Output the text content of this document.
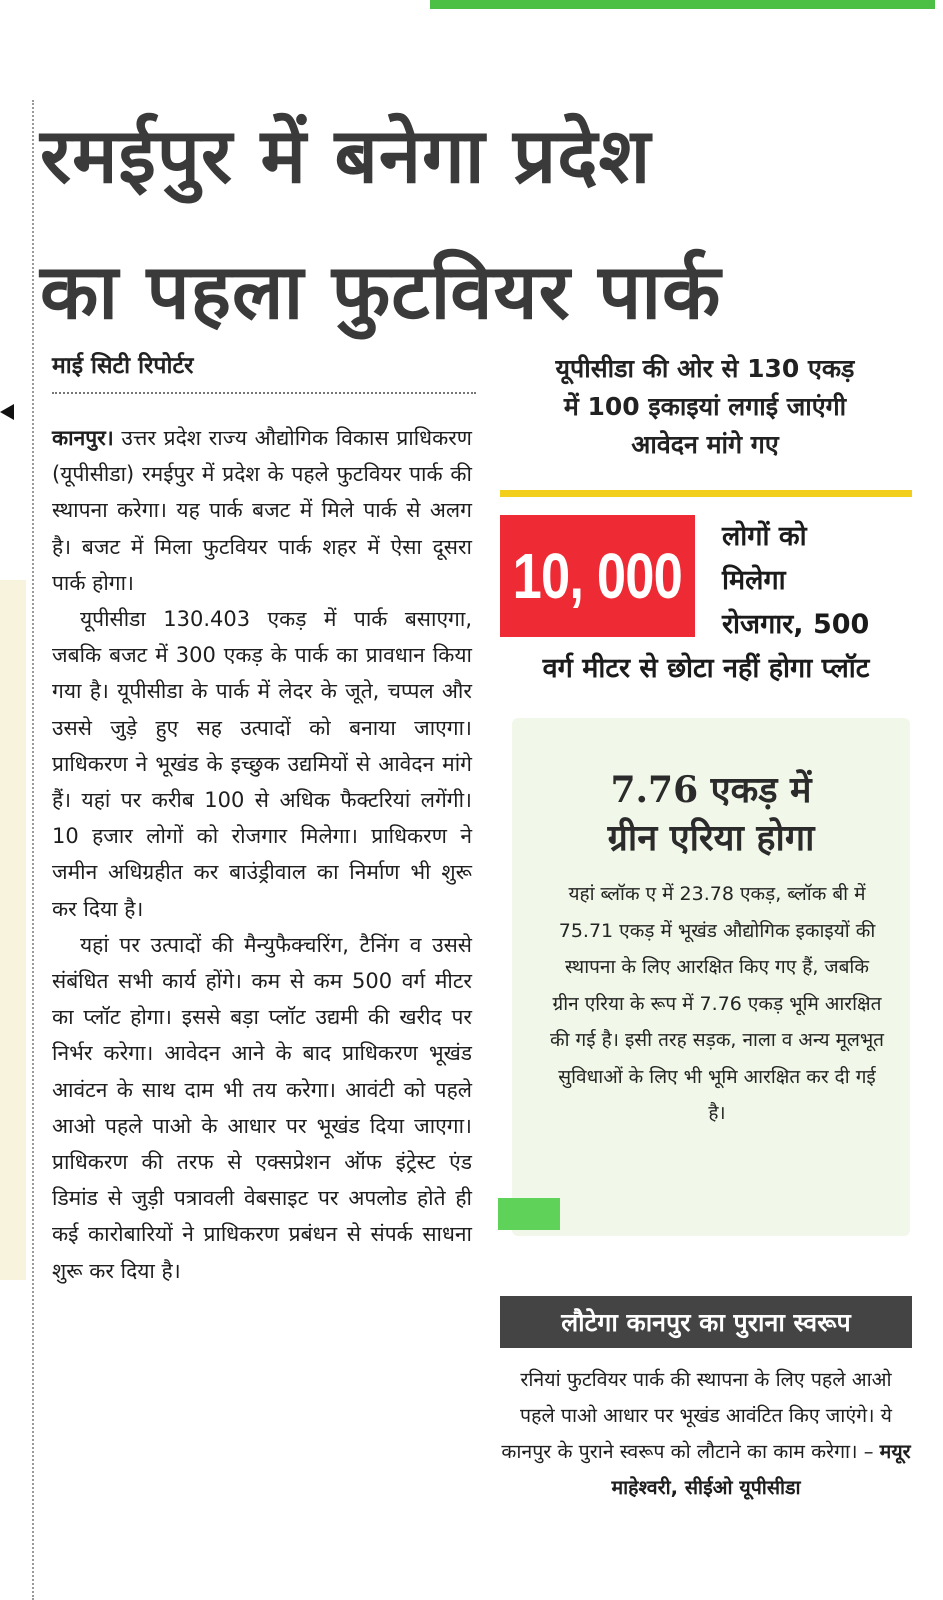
रमईपुर में बनेगा प्रदेश
का पहला फुटवियर पार्क
माई सिटी रिपोर्टर

कानपुर। उत्तर प्रदेश राज्य औद्योगिक विकास प्राधिकरण (यूपीसीडा) रमईपुर में प्रदेश के पहले फुटवियर पार्क की स्थापना करेगा। यह पार्क बजट में मिले पार्क से अलग है। बजट में मिला फुटवियर पार्क शहर में ऐसा दूसरा पार्क होगा।

यूपीसीडा 130.403 एकड़ में पार्क बसाएगा, जबकि बजट में 300 एकड़ के पार्क का प्रावधान किया गया है। यूपीसीडा के पार्क में लेदर के जूते, चप्पल और उससे जुड़े हुए सह उत्पादों को बनाया जाएगा। प्राधिकरण ने भूखंड के इच्छुक उद्यमियों से आवेदन मांगे हैं। यहां पर करीब 100 से अधिक फैक्टरियां लगेंगी। 10 हजार लोगों को रोजगार मिलेगा। प्राधिकरण ने जमीन अधिग्रहीत कर बाउंड्रीवाल का निर्माण भी शुरू कर दिया है।

यहां पर उत्पादों की मैन्युफैक्चरिंग, टैनिंग व उससे संबंधित सभी कार्य होंगे। कम से कम 500 वर्ग मीटर का प्लॉट होगा। इससे बड़ा प्लॉट उद्यमी की खरीद पर निर्भर करेगा। आवेदन आने के बाद प्राधिकरण भूखंड आवंटन के साथ दाम भी तय करेगा। आवंटी को पहले आओ पहले पाओ के आधार पर भूखंड दिया जाएगा। प्राधिकरण की तरफ से एक्सप्रेशन ऑफ इंट्रेस्ट एंड डिमांड से जुड़ी पत्रावली वेबसाइट पर अपलोड होते ही कई कारोबारियों ने प्राधिकरण प्रबंधन से संपर्क साधना शुरू कर दिया है।

यूपीसीडा की ओर से 130 एकड़
में 100 इकाइयां लगाई जाएंगी
आवेदन मांगे गए
10, 000
लोगों को
मिलेगा
रोजगार, 500
वर्ग मीटर से छोटा नहीं होगा प्लॉट
7.76 एकड़ में
ग्रीन एरिया होगा

यहां ब्लॉक ए में 23.78 एकड़, ब्लॉक बी में 75.71 एकड़ में भूखंड औद्योगिक इकाइयों की स्थापना के लिए आरक्षित किए गए हैं, जबकि ग्रीन एरिया के रूप में 7.76 एकड़ भूमि आरक्षित की गई है। इसी तरह सड़क, नाला व अन्य मूलभूत सुविधाओं के लिए भी भूमि आरक्षित कर दी गई है।

लौटेगा कानपुर का पुराना स्वरूप

रनियां फुटवियर पार्क की स्थापना के लिए पहले आओ पहले पाओ आधार पर भूखंड आवंटित किए जाएंगे। ये कानपुर के पुराने स्वरूप को लौटाने का काम करेगा। – मयूर माहेश्वरी, सीईओ यूपीसीडा
